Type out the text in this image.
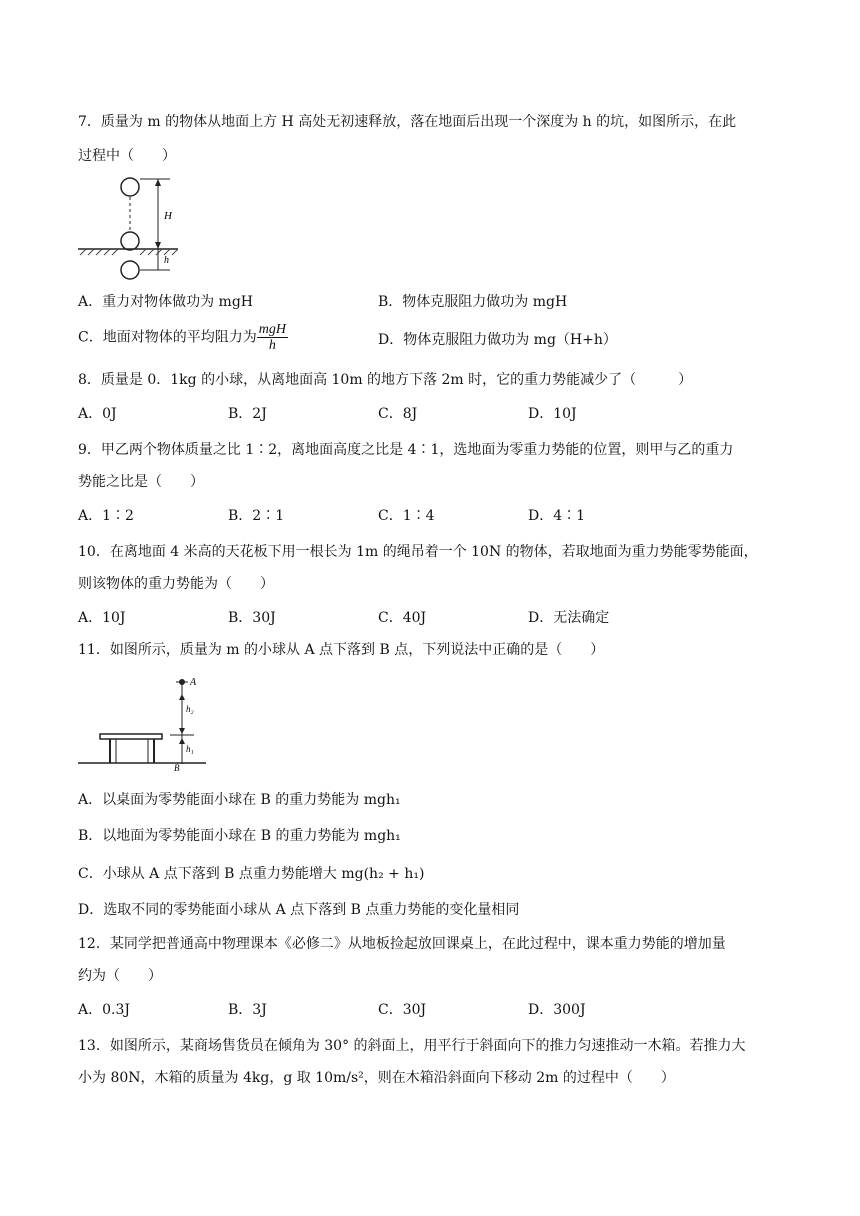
7．质量为 m 的物体从地面上方 H 高处无初速释放，落在地面后出现一个深度为 h 的坑，如图所示，在此
过程中（　　）
H
h
A．重力对物体做功为 mgH	B．物体克服阻力做功为 mgH
C．地面对物体的平均阻力为 $\frac{\text{mgH}}{h}$	D．物体克服阻力做功为 mg（H+h）
8．质量是 0．1kg 的小球，从离地面高 10m 的地方下落 2m 时，它的重力势能减少了（　　　）
A．0J	B．2J	C．8J	D．10J
9．甲乙两个物体质量之比 1∶2，离地面高度之比是 4∶1，选地面为零重力势能的位置，则甲与乙的重力
势能之比是（　　）
A．1∶2	B．2∶1	C．1∶4	D．4∶1
10．在离地面 4 米高的天花板下用一根长为 1m 的绳吊着一个 10N 的物体，若取地面为重力势能零势能面，
则该物体的重力势能为（　　）
A．10J	B．30J	C．40J	D．无法确定
11．如图所示，质量为 m 的小球从 A 点下落到 B 点，下列说法中正确的是（　　）
A
h₂
h₁
B
A．以桌面为零势能面小球在 B 的重力势能为 mgh₁
B．以地面为零势能面小球在 B 的重力势能为 mgh₁
C．小球从 A 点下落到 B 点重力势能增大 mg(h₂ + h₁)
D．选取不同的零势能面小球从 A 点下落到 B 点重力势能的变化量相同
12．某同学把普通高中物理课本《必修二》从地板捡起放回课桌上，在此过程中，课本重力势能的增加量
约为（　　）
A．0.3J	B．3J	C．30J	D．300J
13．如图所示，某商场售货员在倾角为 30° 的斜面上，用平行于斜面向下的推力匀速推动一木箱。若推力大
小为 80N，木箱的质量为 4kg，g 取 10m/s²，则在木箱沿斜面向下移动 2m 的过程中（　　）
